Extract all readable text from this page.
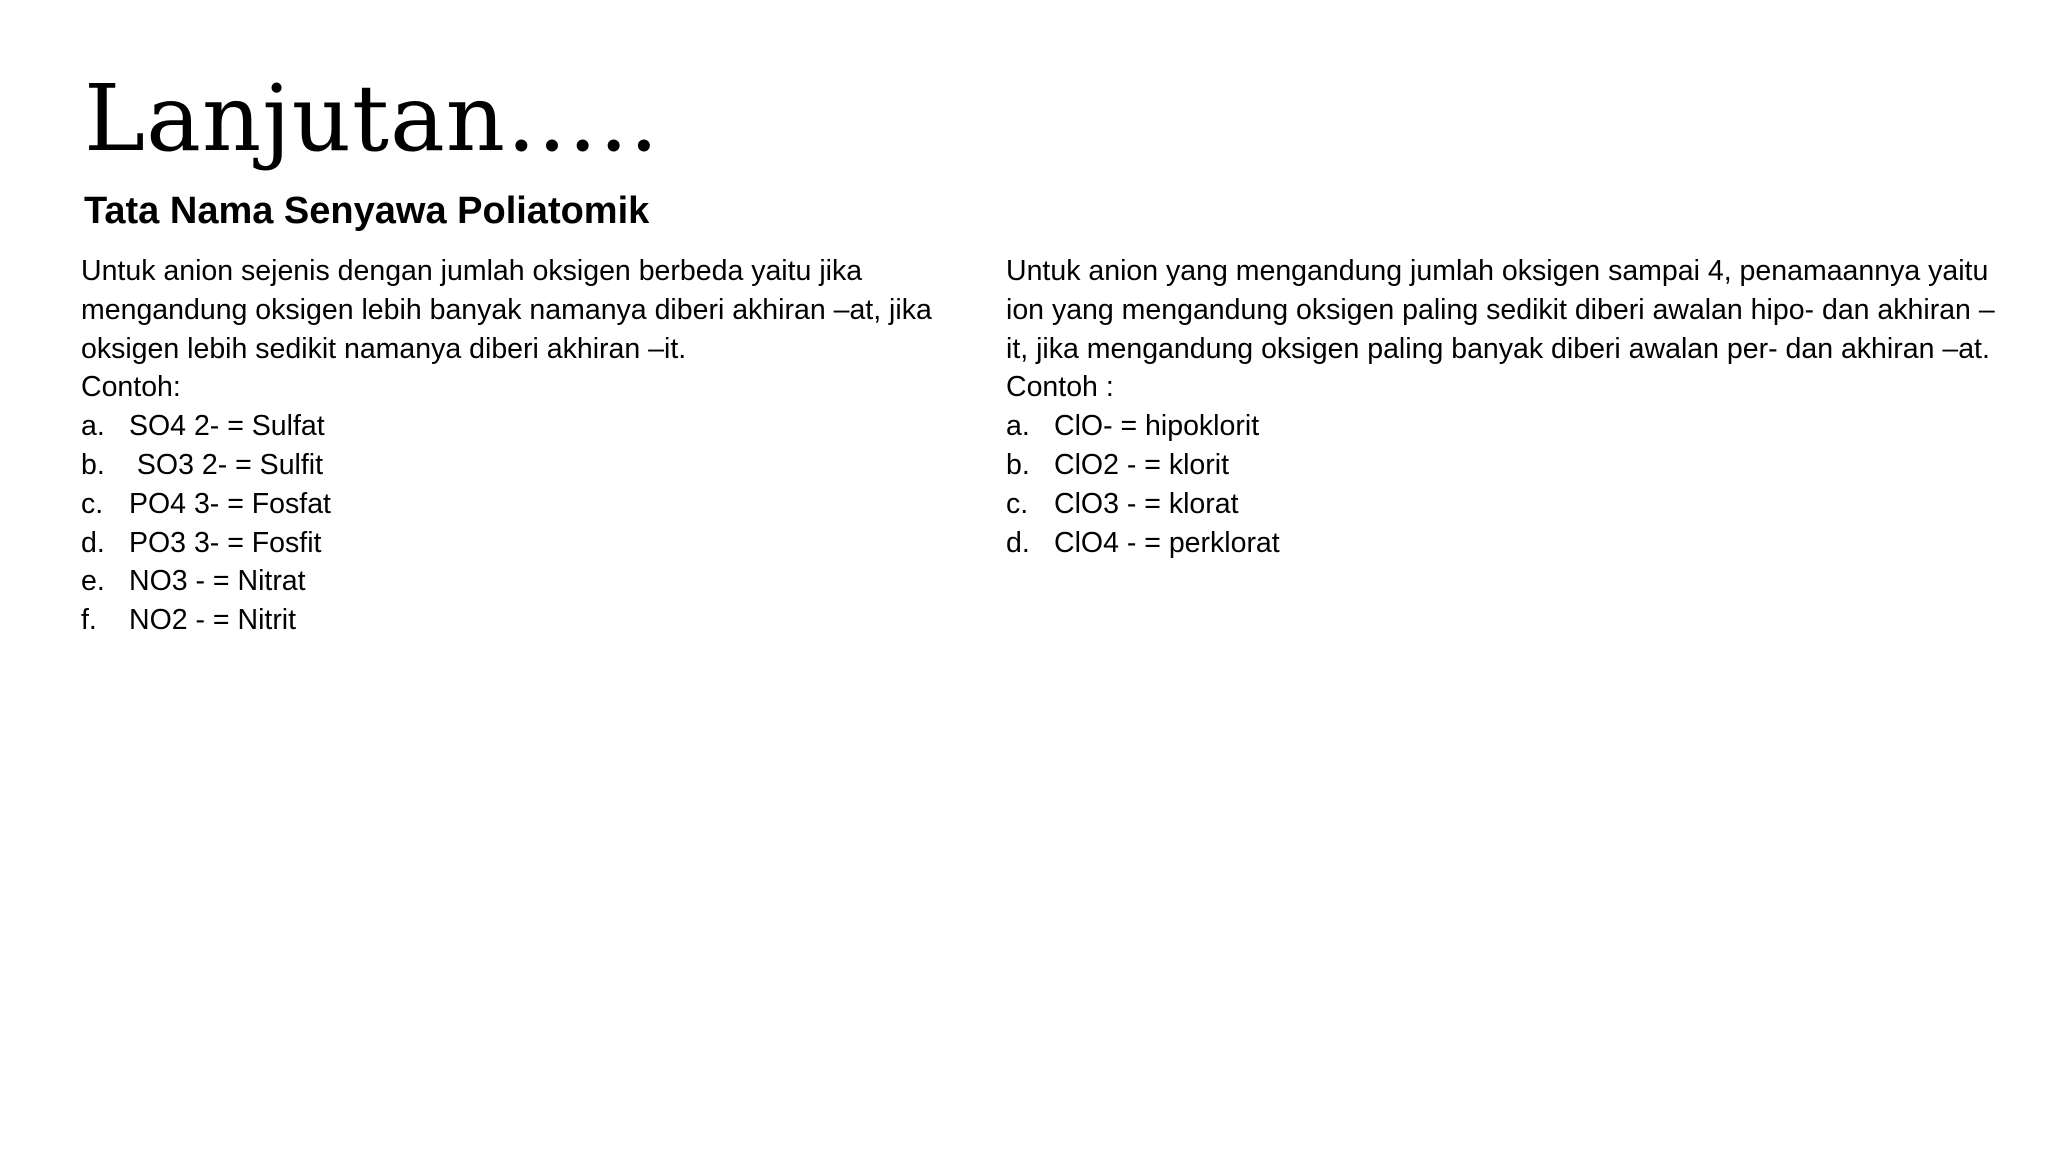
Lanjutan…..
Tata Nama Senyawa Poliatomik

Untuk anion sejenis dengan jumlah oksigen berbeda yaitu jika mengandung oksigen lebih banyak namanya diberi akhiran –at, jika oksigen lebih sedikit namanya diberi akhiran –it.

Contoh:

a. SO4 2- = Sulfat
b. SO3 2- = Sulfit
c. PO4 3- = Fosfat
d. PO3 3- = Fosfit
e. NO3 - = Nitrat
f.	NO2 - = Nitrit

Untuk anion yang mengandung jumlah oksigen sampai 4, penamaannya yaitu ion yang mengandung oksigen paling sedikit diberi awalan hipo- dan akhiran –it, jika mengandung oksigen paling banyak diberi awalan per- dan akhiran –at.

Contoh :

a. ClO- = hipoklorit
b. ClO2 - = klorit
c. ClO3 - = klorat
d. ClO4 - = perklorat
